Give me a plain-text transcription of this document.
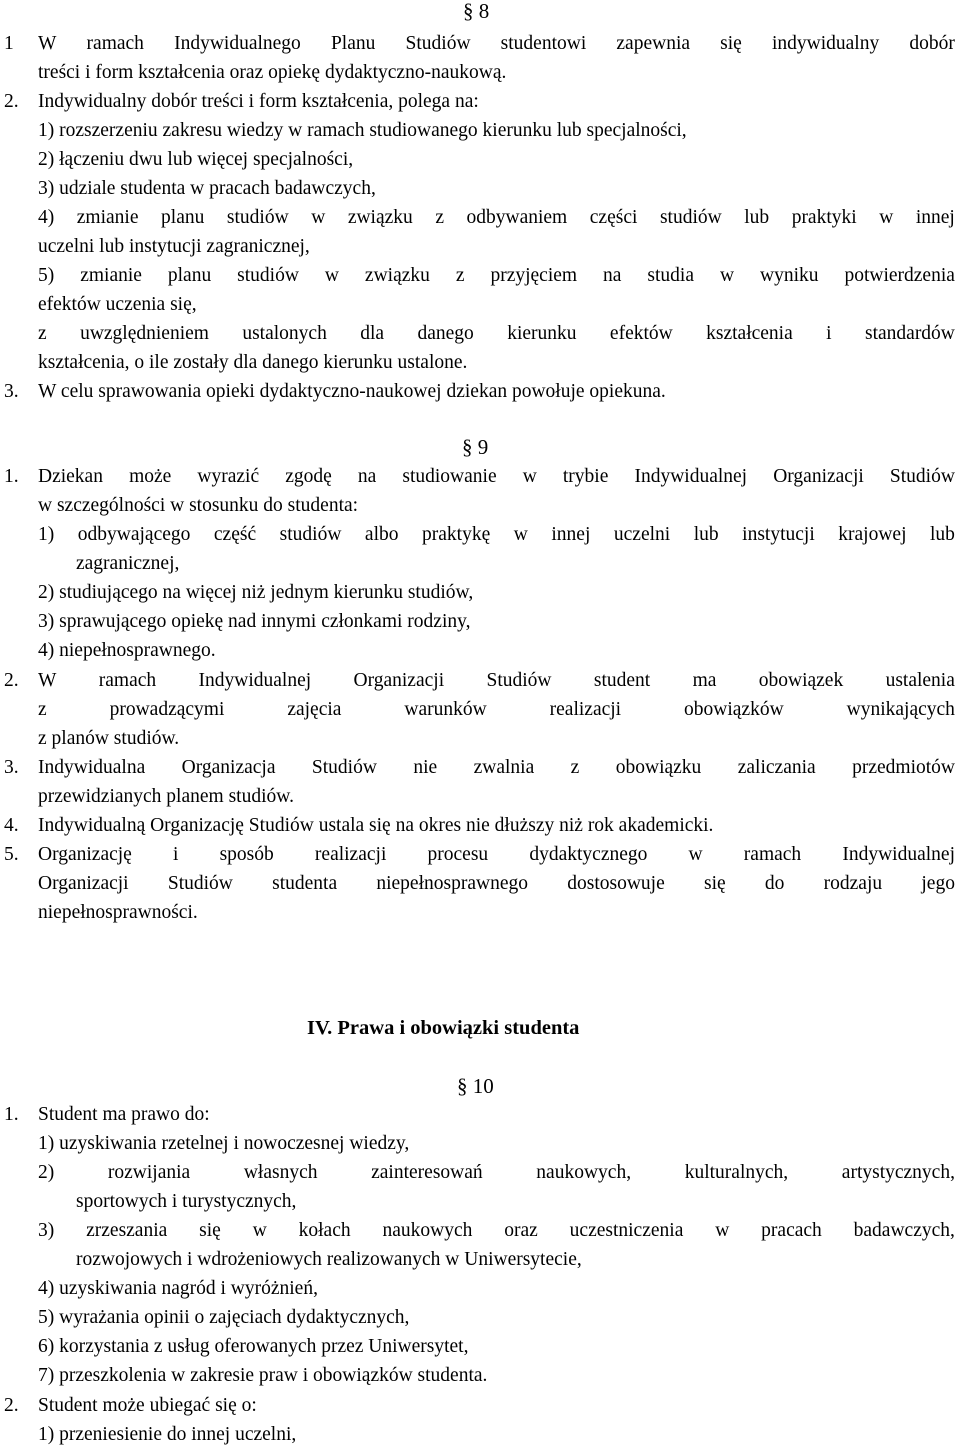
§ 8
1 W ramach Indywidualnego Planu Studiów studentowi zapewnia się indywidualny dobór
treści i form kształcenia oraz opiekę dydaktyczno-naukową.
2. Indywidualny dobór treści i form kształcenia, polega na:
1) rozszerzeniu zakresu wiedzy w ramach studiowanego kierunku lub specjalności,
2) łączeniu dwu lub więcej specjalności,
3) udziale studenta w pracach badawczych,
4) zmianie planu studiów w związku z odbywaniem części studiów lub praktyki w innej
uczelni lub instytucji zagranicznej,
5) zmianie planu studiów w związku z przyjęciem na studia w wyniku potwierdzenia
efektów uczenia się,
z uwzględnieniem ustalonych dla danego kierunku efektów kształcenia i standardów
kształcenia, o ile zostały dla danego kierunku ustalone.
3. W celu sprawowania opieki dydaktyczno-naukowej dziekan powołuje opiekuna.
§ 9
1. Dziekan może wyrazić zgodę na studiowanie w trybie Indywidualnej Organizacji Studiów
w szczególności w stosunku do studenta:
1) odbywającego część studiów albo praktykę w innej uczelni lub instytucji krajowej lub
zagranicznej,
2) studiującego na więcej niż jednym kierunku studiów,
3) sprawującego opiekę nad innymi członkami rodziny,
4) niepełnosprawnego.
2. W ramach Indywidualnej Organizacji Studiów student ma obowiązek ustalenia
z	prowadzącymi	zajęcia	warunków	realizacji	obowiązków	wynikających
z planów studiów.
3. Indywidualna Organizacja Studiów nie zwalnia z obowiązku zaliczania przedmiotów
przewidzianych planem studiów.
4. Indywidualną Organizację Studiów ustala się na okres nie dłuższy niż rok akademicki.
5. Organizację i sposób realizacji procesu dydaktycznego w ramach Indywidualnej
Organizacji Studiów studenta niepełnosprawnego dostosowuje się do rodzaju jego
niepełnosprawności.
IV. Prawa i obowiązki studenta
§ 10
1. Student ma prawo do:
1) uzyskiwania rzetelnej i nowoczesnej wiedzy,
2)	rozwijania	własnych	zainteresowań	naukowych,	kulturalnych,	artystycznych,
sportowych i turystycznych,
3) zrzeszania się w kołach naukowych oraz uczestniczenia w pracach badawczych,
rozwojowych i wdrożeniowych realizowanych w Uniwersytecie,
4) uzyskiwania nagród i wyróżnień,
5) wyrażania opinii o zajęciach dydaktycznych,
6) korzystania z usług oferowanych przez Uniwersytet,
7) przeszkolenia w zakresie praw i obowiązków studenta.
2. Student może ubiegać się o:
1) przeniesienie do innej uczelni,
